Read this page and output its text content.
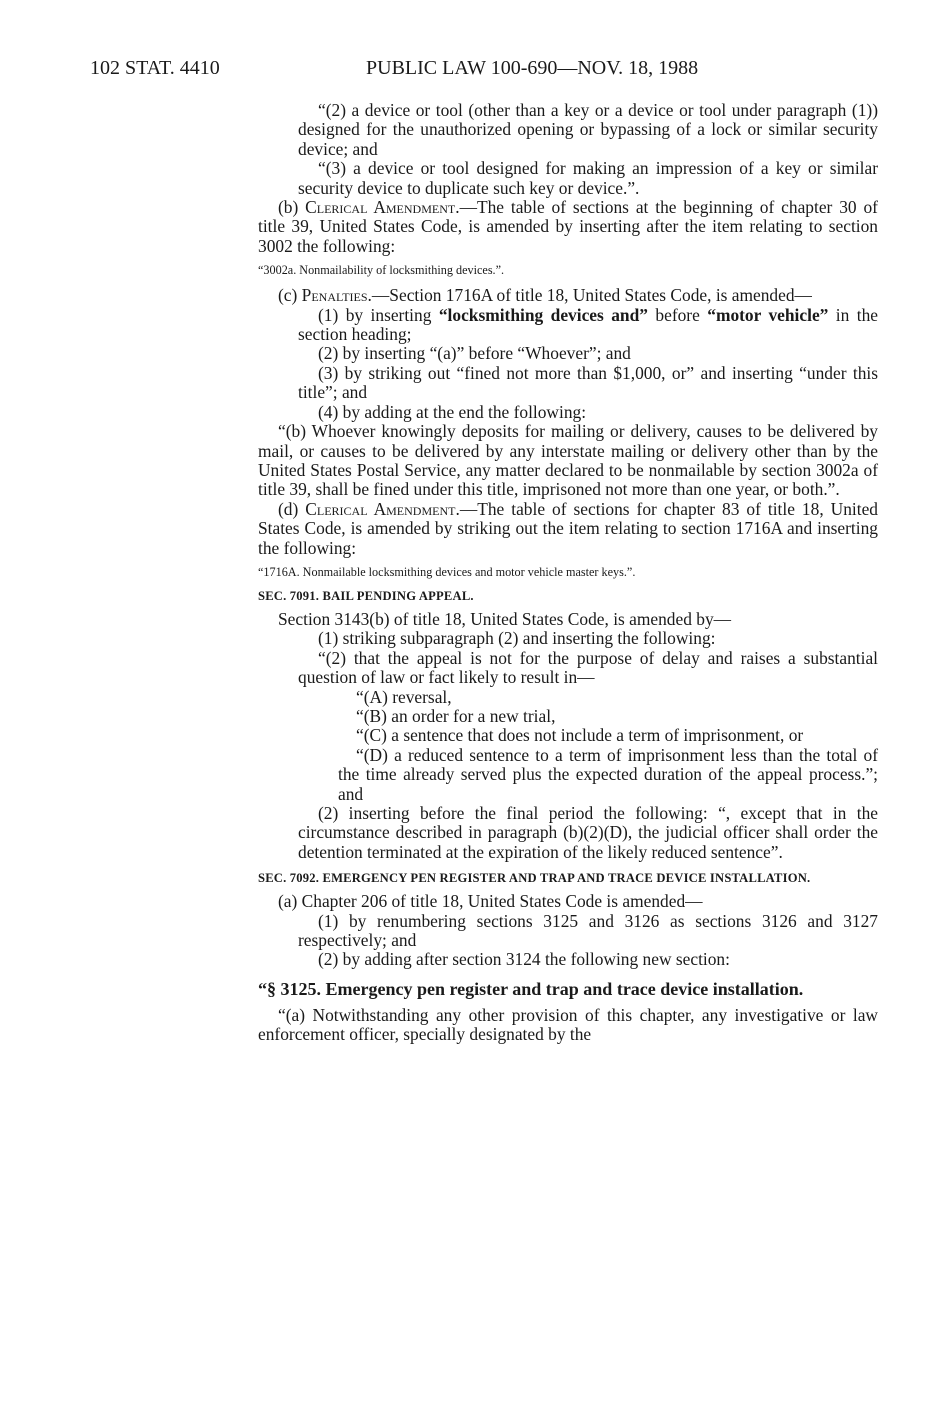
102 STAT. 4410	PUBLIC LAW 100-690—NOV. 18, 1988

“(2) a device or tool (other than a key or a device or tool under paragraph (1)) designed for the unauthorized opening or bypassing of a lock or similar security device; and

“(3) a device or tool designed for making an impression of a key or similar security device to duplicate such key or device.”.

(b) Clerical Amendment.—The table of sections at the beginning of chapter 30 of title 39, United States Code, is amended by inserting after the item relating to section 3002 the following:

“3002a. Nonmailability of locksmithing devices.”.

(c) Penalties.—Section 1716A of title 18, United States Code, is amended—

(1) by inserting “locksmithing devices and” before “motor vehicle” in the section heading;

(2) by inserting “(a)” before “Whoever”; and

(3) by striking out “fined not more than $1,000, or” and inserting “under this title”; and

(4) by adding at the end the following:

“(b) Whoever knowingly deposits for mailing or delivery, causes to be delivered by mail, or causes to be delivered by any interstate mailing or delivery other than by the United States Postal Service, any matter declared to be nonmailable by section 3002a of title 39, shall be fined under this title, imprisoned not more than one year, or both.”.

(d) Clerical Amendment.—The table of sections for chapter 83 of title 18, United States Code, is amended by striking out the item relating to section 1716A and inserting the following:

“1716A. Nonmailable locksmithing devices and motor vehicle master keys.”.

SEC. 7091. BAIL PENDING APPEAL.

Section 3143(b) of title 18, United States Code, is amended by—

(1) striking subparagraph (2) and inserting the following:

“(2) that the appeal is not for the purpose of delay and raises a substantial question of law or fact likely to result in—

“(A) reversal,

“(B) an order for a new trial,

“(C) a sentence that does not include a term of imprisonment, or

“(D) a reduced sentence to a term of imprisonment less than the total of the time already served plus the expected duration of the appeal process.”; and

(2) inserting before the final period the following: “, except that in the circumstance described in paragraph (b)(2)(D), the judicial officer shall order the detention terminated at the expiration of the likely reduced sentence”.

SEC. 7092. EMERGENCY PEN REGISTER AND TRAP AND TRACE DEVICE INSTALLATION.

(a) Chapter 206 of title 18, United States Code is amended—

(1) by renumbering sections 3125 and 3126 as sections 3126 and 3127 respectively; and

(2) by adding after section 3124 the following new section:

“§ 3125. Emergency pen register and trap and trace device installation.

“(a) Notwithstanding any other provision of this chapter, any investigative or law enforcement officer, specially designated by the
